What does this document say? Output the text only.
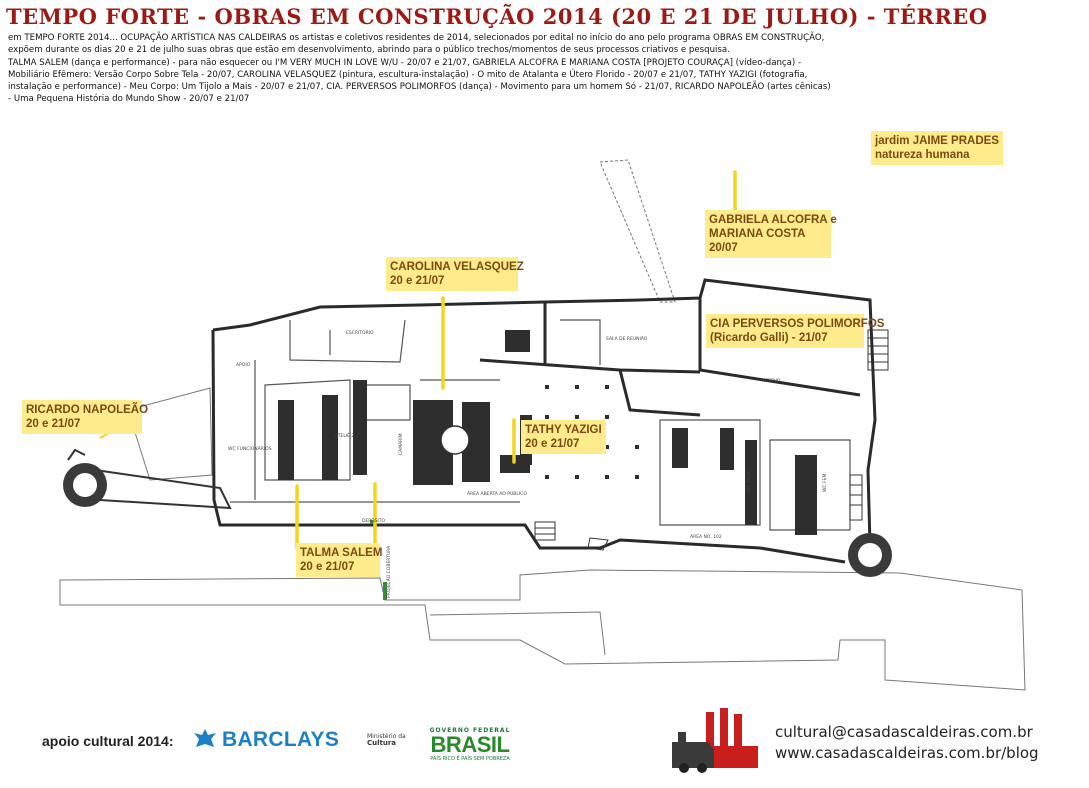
TEMPO FORTE - OBRAS EM CONSTRUÇÃO 2014 (20 E 21 DE JULHO) - TÉRREO
em TEMPO FORTE 2014... OCUPAÇÃO ARTÍSTICA NAS CALDEIRAS os artistas e coletivos residentes de 2014, selecionados por edital no início do ano pelo programa OBRAS EM CONSTRUÇÃO,
expõem durante os dias 20 e 21 de julho suas obras que estão em desenvolvimento, abrindo para o público trechos/momentos de seus processos criativos e pesquisa.
TALMA SALEM (dança e performance) - para não esquecer ou I'M VERY MUCH IN LOVE W/U - 20/07 e 21/07, GABRIELA ALCOFRA E MARIANA COSTA [PROJETO COURAÇA] (vídeo-dança) -
Mobiliário Efêmero: Versão Corpo Sobre Tela - 20/07, CAROLINA VELASQUEZ (pintura, escultura-instalação) - O mito de Atalanta e Útero Florido - 20/07 e 21/07, TATHY YAZIGI (fotografia,
instalação e performance) - Meu Corpo: Um Tijolo a Mais - 20/07 e 21/07, CIA. PERVERSOS POLIMORFOS (dança) - Movimento para um homem Só - 21/07, RICARDO NAPOLEÃO (artes cênicas)
- Uma Pequena História do Mundo Show - 20/07 e 21/07
ESCRITÓRIO
APOIO
ATELIÊ 2
SALA DE REUNIÃO
ÁREA ABERTA AO PÚBLICO
ÁREA NO. 102
DEPÓSITO
WC FUNCIONÁRIOS
PROJEÇÃO COBERTURA
WC MASC.	WC FEM.
CAMARIM
ACERVO
jardim JAIME PRADES
natureza humana
GABRIELA ALCOFRA e
MARIANA COSTA
20/07
CAROLINA VELASQUEZ
20 e 21/07
CIA PERVERSOS POLIMORFOS
(Ricardo Galli) - 21/07
RICARDO NAPOLEÃO
20 e 21/07	TATHY YAZIGI
20 e 21/07
TALMA SALEM
20 e 21/07
apoio cultural 2014: BARCLAYS	Ministério da
Cultura
GOVERNO FEDERAL
BRASIL
PAÍS RICO É PAÍS SEM POBREZA
cultural@casadascaldeiras.com.br
www.casadascaldeiras.com.br/blog
